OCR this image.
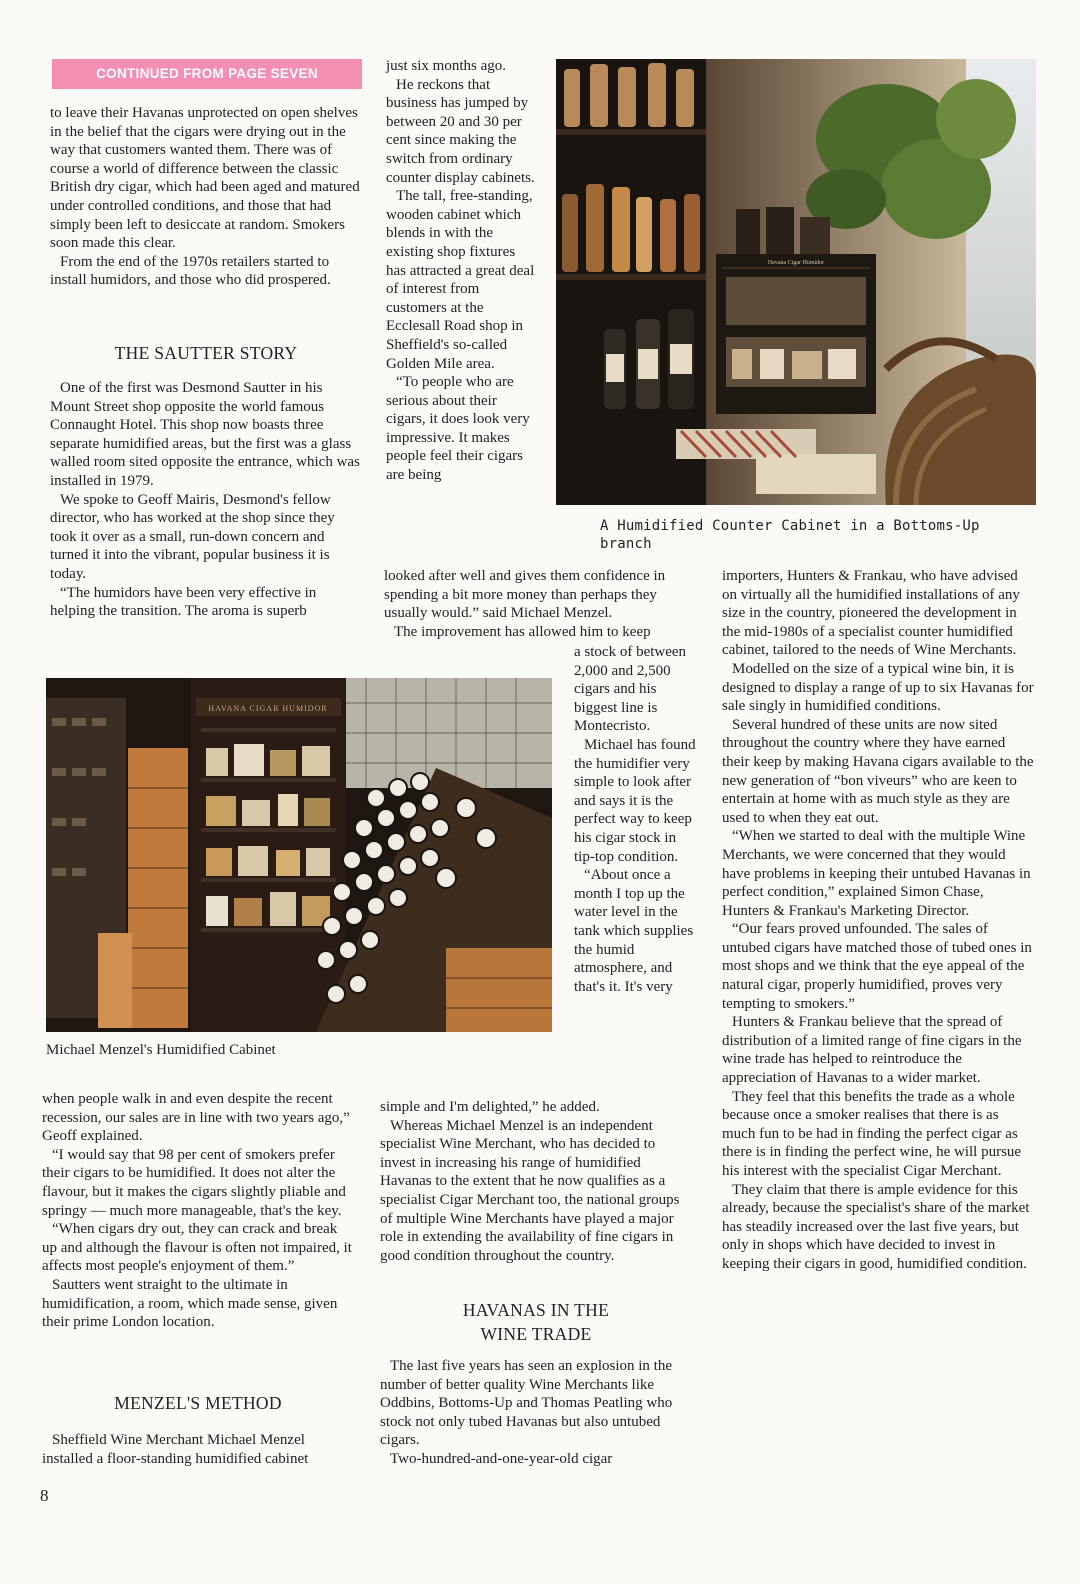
CONTINUED FROM PAGE SEVEN

to leave their Havanas unprotected on open shelves in the belief that the cigars were drying out in the way that customers wanted them. There was of course a world of difference between the classic British dry cigar, which had been aged and matured under controlled conditions, and those that had simply been left to desiccate at random. Smokers soon made this clear.

From the end of the 1970s retailers started to install humidors, and those who did prospered.

THE SAUTTER STORY

One of the first was Desmond Sautter in his Mount Street shop opposite the world famous Connaught Hotel. This shop now boasts three separate humidified areas, but the first was a glass walled room sited opposite the entrance, which was installed in 1979.

We spoke to Geoff Mairis, Desmond's fellow director, who has worked at the shop since they took it over as a small, run-down concern and turned it into the vibrant, popular business it is today.

“The humidors have been very effective in helping the transition. The aroma is superb

just six months ago.

He reckons that business has jumped by between 20 and 30 per cent since making the switch from ordinary counter display cabinets.

The tall, free-standing, wooden cabinet which blends in with the existing shop fixtures has attracted a great deal of interest from customers at the Ecclesall Road shop in Sheffield's so-called Golden Mile area.

“To people who are serious about their cigars, it does look very impressive. It makes people feel their cigars are being

Havana Cigar Humidor
A Humidified Counter Cabinet in a Bottoms-Up branch

looked after well and gives them confidence in spending a bit more money than perhaps they usually would.” said Michael Menzel.

The improvement has allowed him to keep

HAVANA CIGAR HUMIDOR
Michael Menzel's Humidified Cabinet

a stock of between 2,000 and 2,500 cigars and his biggest line is Montecristo.

Michael has found the humidifier very simple to look after and says it is the perfect way to keep his cigar stock in tip-top condition.

“About once a month I top up the water level in the tank which supplies the humid atmosphere, and that's it. It's very

when people walk in and even despite the recent recession, our sales are in line with two years ago,” Geoff explained.

“I would say that 98 per cent of smokers prefer their cigars to be humidified. It does not alter the flavour, but it makes the cigars slightly pliable and springy — much more manageable, that's the key.

“When cigars dry out, they can crack and break up and although the flavour is often not impaired, it affects most people's enjoyment of them.”

Sautters went straight to the ultimate in humidification, a room, which made sense, given their prime London location.

MENZEL'S METHOD

Sheffield Wine Merchant Michael Menzel installed a floor-standing humidified cabinet

simple and I'm delighted,” he added.

Whereas Michael Menzel is an independent specialist Wine Merchant, who has decided to invest in increasing his range of humidified Havanas to the extent that he now qualifies as a specialist Cigar Merchant too, the national groups of multiple Wine Merchants have played a major role in extending the availability of fine cigars in good condition throughout the country.

HAVANAS IN THE
WINE TRADE

The last five years has seen an explosion in the number of better quality Wine Merchants like Oddbins, Bottoms-Up and Thomas Peatling who stock not only tubed Havanas but also untubed cigars.

Two-hundred-and-one-year-old cigar

importers, Hunters & Frankau, who have advised on virtually all the humidified installations of any size in the country, pioneered the development in the mid-1980s of a specialist counter humidified cabinet, tailored to the needs of Wine Merchants.

Modelled on the size of a typical wine bin, it is designed to display a range of up to six Havanas for sale singly in humidified conditions.

Several hundred of these units are now sited throughout the country where they have earned their keep by making Havana cigars available to the new generation of “bon viveurs” who are keen to entertain at home with as much style as they are used to when they eat out.

“When we started to deal with the multiple Wine Merchants, we were concerned that they would have problems in keeping their untubed Havanas in perfect condition,” explained Simon Chase, Hunters & Frankau's Marketing Director.

“Our fears proved unfounded. The sales of untubed cigars have matched those of tubed ones in most shops and we think that the eye appeal of the natural cigar, properly humidified, proves very tempting to smokers.”

Hunters & Frankau believe that the spread of distribution of a limited range of fine cigars in the wine trade has helped to reintroduce the appreciation of Havanas to a wider market.

They feel that this benefits the trade as a whole because once a smoker realises that there is as much fun to be had in finding the perfect cigar as there is in finding the perfect wine, he will pursue his interest with the specialist Cigar Merchant.

They claim that there is ample evidence for this already, because the specialist's share of the market has steadily increased over the last five years, but only in shops which have decided to invest in keeping their cigars in good, humidified condition.

8
